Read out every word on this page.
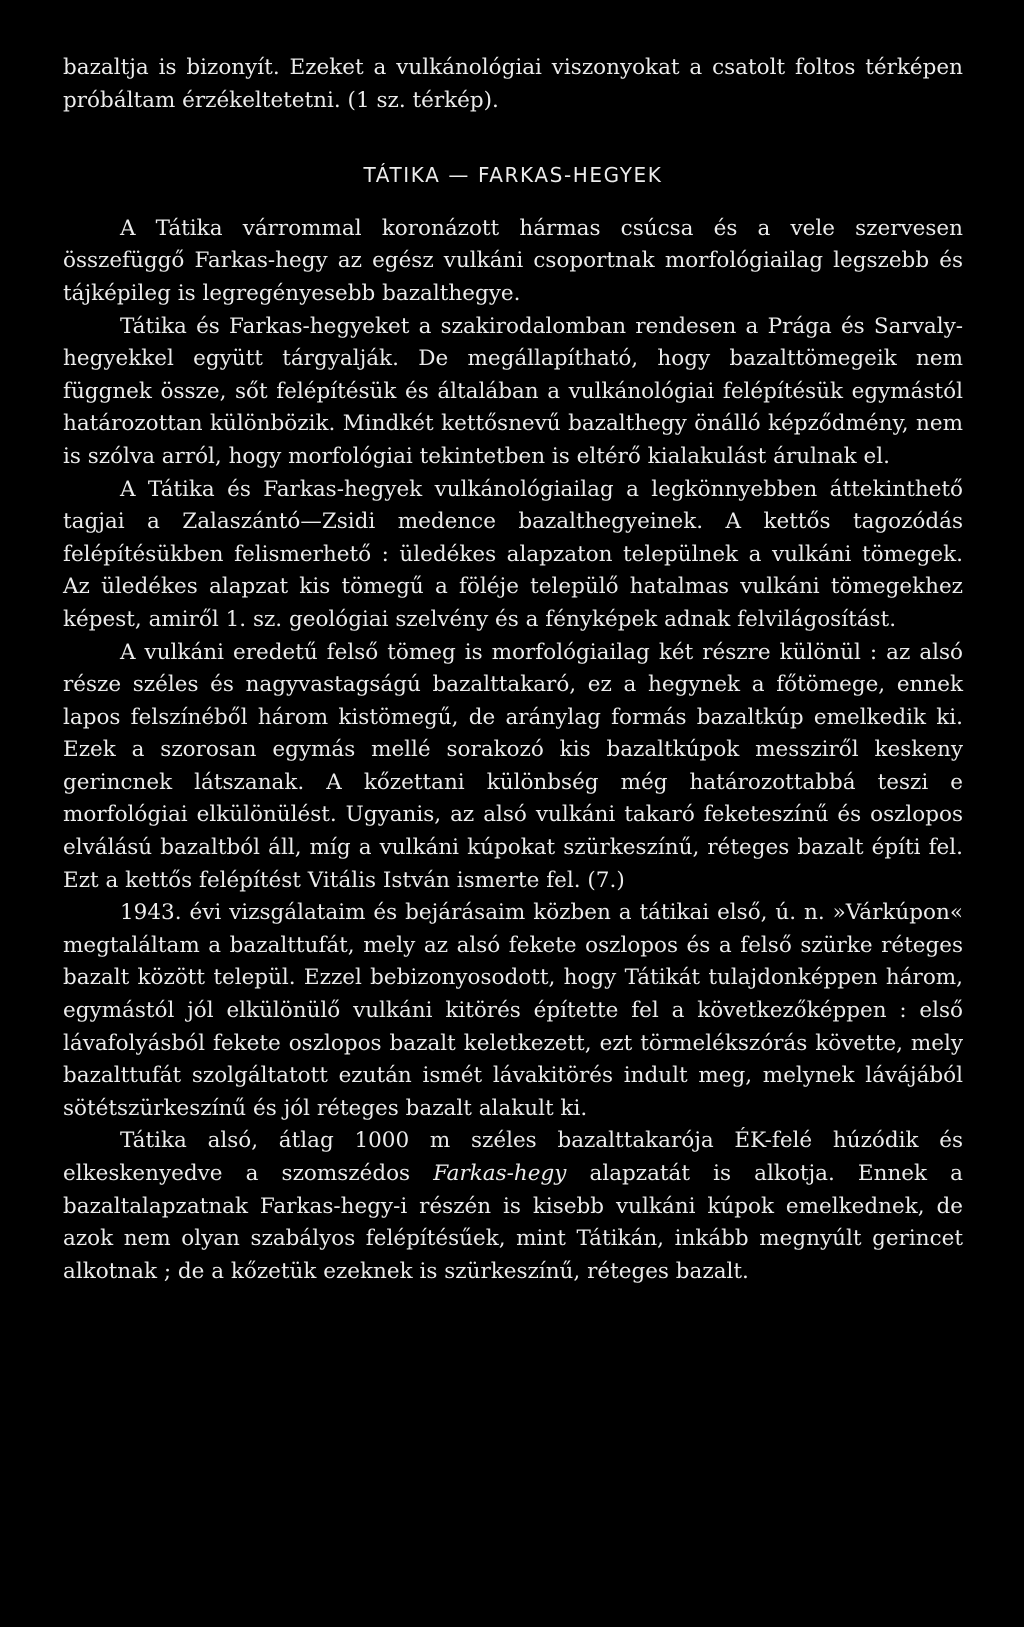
bazaltja is bizonyít. Ezeket a vulkánológiai viszonyokat a csatolt foltos térképen próbáltam érzékeltetetni. (1 sz. térkép).

TÁTIKA — FARKAS-HEGYEK

A Tátika várrommal koronázott hármas csúcsa és a vele szervesen összefüggő Farkas-hegy az egész vulkáni csoportnak morfológiailag legszebb és tájképileg is legregényesebb bazalthegye.

Tátika és Farkas-hegyeket a szakirodalomban rendesen a Prága és Sarvaly-hegyekkel együtt tárgyalják. De megállapítható, hogy bazalttömegeik nem függnek össze, sőt felépítésük és általában a vulkánológiai felépítésük egymástól határozottan különbözik. Mindkét kettősnevű bazalthegy önálló képződmény, nem is szólva arról, hogy morfológiai tekintetben is eltérő kialakulást árulnak el.

A Tátika és Farkas-hegyek vulkánológiailag a legkönnyebben áttekinthető tagjai a Zalaszántó—Zsidi medence bazalthegyeinek. A kettős tagozódás felépítésükben felismerhető : üledékes alapzaton települnek a vulkáni tömegek. Az üledékes alapzat kis tömegű a föléje települő hatalmas vulkáni tömegekhez képest, amiről 1. sz. geológiai szelvény és a fényképek adnak felvilágosítást.

A vulkáni eredetű felső tömeg is morfológiailag két részre különül : az alsó része széles és nagyvastagságú bazalttakaró, ez a hegynek a főtömege, ennek lapos felszínéből három kistömegű, de aránylag formás bazaltkúp emelkedik ki. Ezek a szorosan egymás mellé sorakozó kis bazaltkúpok messziről keskeny gerincnek látszanak. A kőzettani különbség még határozottabbá teszi e morfológiai elkülönülést. Ugyanis, az alsó vulkáni takaró feketeszínű és oszlopos elválású bazaltból áll, míg a vulkáni kúpokat szürkeszínű, réteges bazalt építi fel. Ezt a kettős felépítést Vitális István ismerte fel. (7.)

1943. évi vizsgálataim és bejárásaim közben a tátikai első, ú. n. »Várkúpon« megtaláltam a bazalttufát, mely az alsó fekete oszlopos és a felső szürke réteges bazalt között települ. Ezzel bebizonyosodott, hogy Tátikát tulajdonképpen három, egymástól jól elkülönülő vulkáni kitörés építette fel a következőképpen : első lávafolyásból fekete oszlopos bazalt keletkezett, ezt törmelékszórás követte, mely bazalttufát szolgáltatott ezután ismét lávakitörés indult meg, melynek lávájából sötétszürkeszínű és jól réteges bazalt alakult ki.

Tátika alsó, átlag 1000 m széles bazalttakarója ÉK-felé húzódik és elkeskenyedve a szomszédos Farkas-hegy alapzatát is alkotja. Ennek a bazaltalapzatnak Farkas-hegy-i részén is kisebb vulkáni kúpok emelkednek, de azok nem olyan szabályos felépítésűek, mint Tátikán, inkább megnyúlt gerincet alkotnak ; de a kőzetük ezeknek is szürkeszínű, réteges bazalt.
